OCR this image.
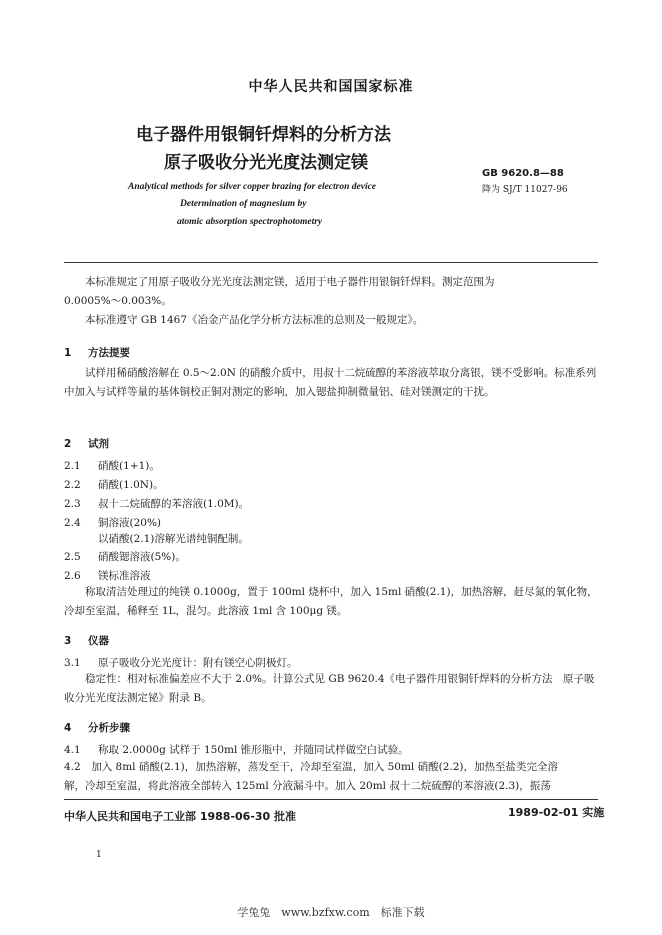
中华人民共和国国家标准
电子器件用银铜钎焊料的分析方法
原子吸收分光光度法测定镁
GB 9620.8—88
降为 SJ/T 11027-96
Analytical methods for silver copper brazing for electron device
Determination of magnesium by
atomic absorption spectrophotometry
本标准规定了用原子吸收分光光度法测定镁，适用于电子器件用银铜钎焊料。测定范围为
0.0005%～0.003%。
本标准遵守 GB 1467《冶金产品化学分析方法标准的总则及一般规定》。
1 方法提要
试样用稀硝酸溶解在 0.5～2.0N 的硝酸介质中，用叔十二烷硫醇的苯溶液萃取分离银，镁不受影响。标准系列中加入与试样等量的基体铜校正铜对测定的影响，加入锶盐抑制微量铝、硅对镁测定的干扰。
2 试剂
2.1 硝酸(1+1)。
2.2 硝酸(1.0N)。
2.3 叔十二烷硫醇的苯溶液(1.0M)。
2.4 铜溶液(20%)
以硝酸(2.1)溶解光谱纯铜配制。
2.5 硝酸锶溶液(5%)。
2.6 镁标准溶液
称取清洁处理过的纯镁 0.1000g，置于 100ml 烧杯中，加入 15ml 硝酸(2.1)，加热溶解，赶尽氮的氧化物，冷却至室温，稀释至 1L，混匀。此溶液 1ml 含 100μg 镁。
3 仪器
3.1 原子吸收分光光度计：附有镁空心阴极灯。
稳定性：相对标准偏差应不大于 2.0%。计算公式见 GB 9620.4《电子器件用银铜钎焊料的分析方法　原子吸收分光光度法测定铋》附录 B。
4 分析步骤
4.1 称取 2.0000g 试样于 150ml 锥形瓶中，并随同试样做空白试验。
4.2　加入 8ml 硝酸(2.1)，加热溶解，蒸发至干，冷却至室温，加入 50ml 硝酸(2.2)，加热至盐类完全溶
解，冷却至室温，将此溶液全部转入 125ml 分液漏斗中。加入 20ml 叔十二烷硫醇的苯溶液(2.3)，振荡
中华人民共和国电子工业部 1988-06-30 批准	1989-02-01 实施
1
学兔兔　www.bzfxw.com　标准下载
